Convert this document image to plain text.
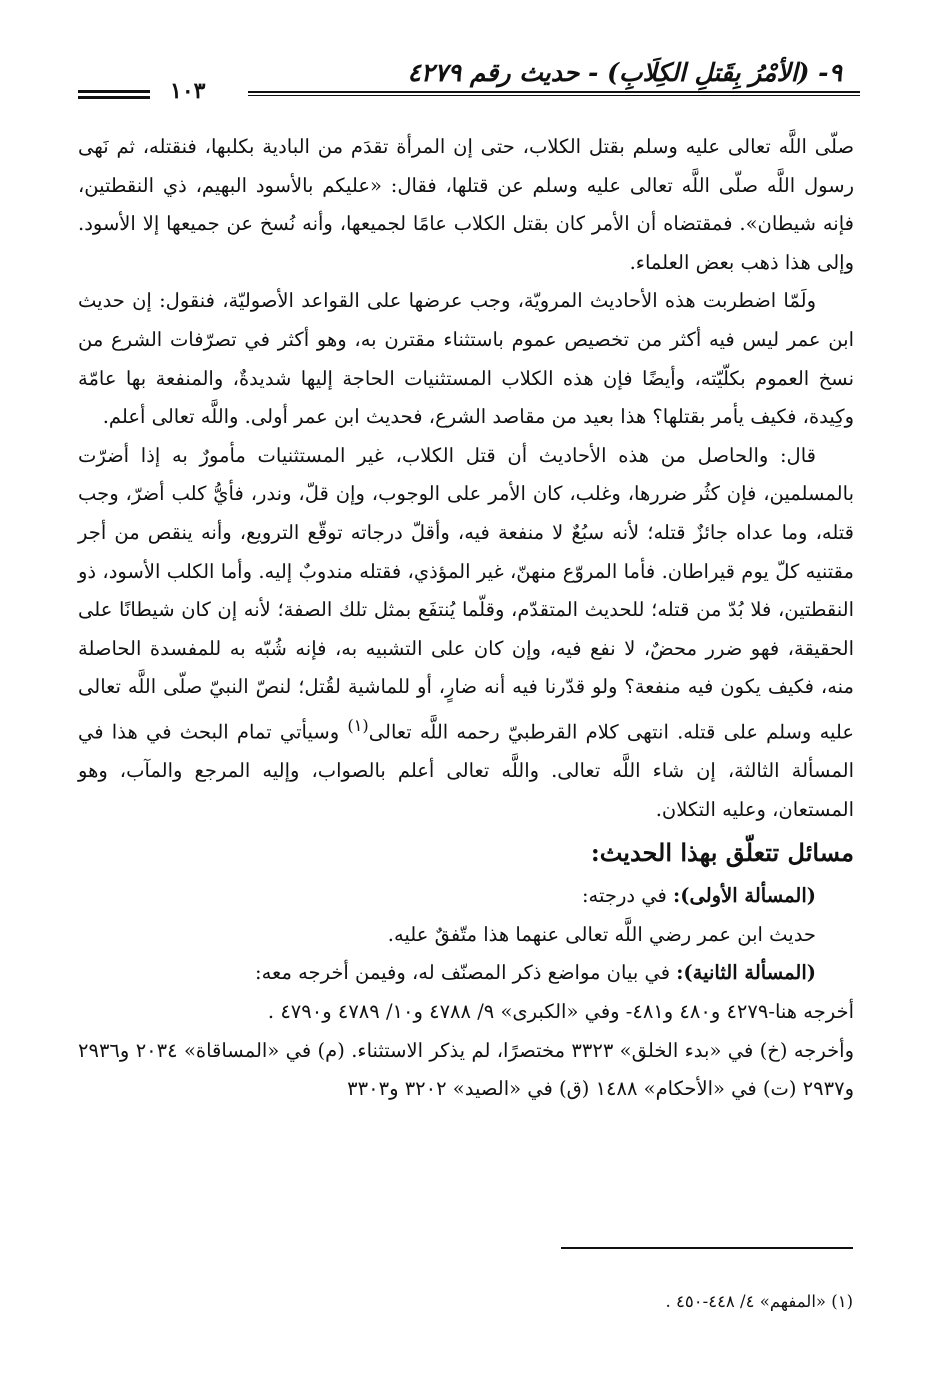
٩- (الأمْرُ بِقَتلِ الكِلَابِ) - حديث رقم ٤٢٧٩
١٠٣

صلّى اللَّه تعالى عليه وسلم بقتل الكلاب، حتى إن المرأة تقدَم من البادية بكلبها، فنقتله، ثم نَهى رسول اللَّه صلّى اللَّه تعالى عليه وسلم عن قتلها، فقال: «عليكم بالأسود البهيم، ذي النقطتين، فإنه شيطان». فمقتضاه أن الأمر كان بقتل الكلاب عامًا لجميعها، وأنه نُسخ عن جميعها إلا الأسود. وإلى هذا ذهب بعض العلماء.

ولَمّا اضطربت هذه الأحاديث المرويّة، وجب عرضها على القواعد الأصوليّة، فنقول: إن حديث ابن عمر ليس فيه أكثر من تخصيص عموم باستثناء مقترن به، وهو أكثر في تصرّفات الشرع من نسخ العموم بكلّيّته، وأيضًا فإن هذه الكلاب المستثنيات الحاجة إليها شديدةٌ، والمنفعة بها عامّة وكِيدة، فكيف يأمر بقتلها؟ هذا بعيد من مقاصد الشرع، فحديث ابن عمر أولى. واللَّه تعالى أعلم.

قال: والحاصل من هذه الأحاديث أن قتل الكلاب، غير المستثنيات مأمورٌ به إذا أضرّت بالمسلمين، فإن كثُر ضررها، وغلب، كان الأمر على الوجوب، وإن قلّ، وندر، فأيُّ كلب أضرّ، وجب قتله، وما عداه جائزٌ قتله؛ لأنه سبُعٌ لا منفعة فيه، وأقلّ درجاته توقّع الترويع، وأنه ينقص من أجر مقتنيه كلّ يوم قيراطان. فأما المروّع منهنّ، غير المؤذي، فقتله مندوبٌ إليه. وأما الكلب الأسود، ذو النقطتين، فلا بُدّ من قتله؛ للحديث المتقدّم، وقلّما يُنتفَع بمثل تلك الصفة؛ لأنه إن كان شيطانًا على الحقيقة، فهو ضرر محضٌ، لا نفع فيه، وإن كان على التشبيه به، فإنه شُبّه به للمفسدة الحاصلة منه، فكيف يكون فيه منفعة؟ ولو قدّرنا فيه أنه ضارٍ، أو للماشية لقُتل؛ لنصّ النبيّ صلّى اللَّه تعالى عليه وسلم على قتله. انتهى كلام القرطبيّ رحمه اللَّه تعالى$^{(١)}$ وسيأتي تمام البحث في هذا في المسألة الثالثة، إن شاء اللَّه تعالى. واللَّه تعالى أعلم بالصواب، وإليه المرجع والمآب، وهو المستعان، وعليه التكلان.

مسائل تتعلّق بهذا الحديث:

(المسألة الأولى): في درجته:

حديث ابن عمر رضي اللَّه تعالى عنهما هذا متّفقٌ عليه.

(المسألة الثانية): في بيان مواضع ذكر المصنّف له، وفيمن أخرجه معه:

أخرجه هنا-٤٢٧٩ و٤٨٠ و٤٨١- وفي «الكبرى» ٩/ ٤٧٨٨ و١٠/ ٤٧٨٩ و٤٧٩٠ .

وأخرجه (خ) في «بدء الخلق» ٣٣٢٣ مختصرًا، لم يذكر الاستثناء. (م) في «المساقاة» ٢٠٣٤ و٢٩٣٦ و٢٩٣٧ (ت) في «الأحكام» ١٤٨٨ (ق) في «الصيد» ٣٢٠٢ و٣٣٠٣

(١) «المفهم» ٤/ ٤٤٨-٤٥٠ .
